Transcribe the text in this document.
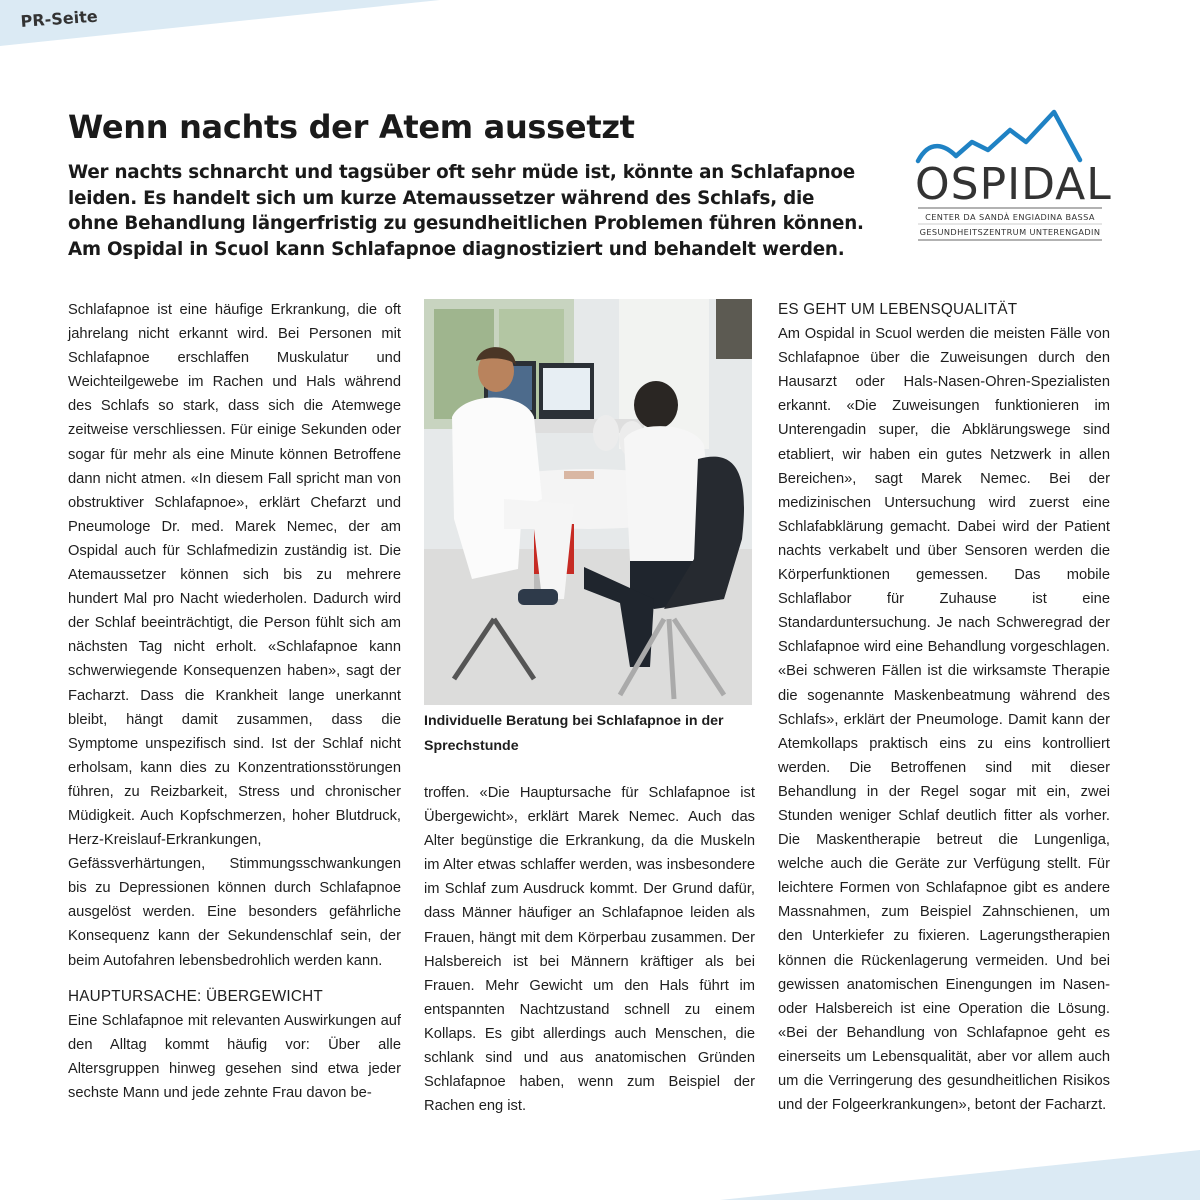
PR-Seite
Wenn nachts der Atem aussetzt

Wer nachts schnarcht und tagsüber oft sehr müde ist, könnte an Schlafapnoe leiden. Es handelt sich um kurze Atemaussetzer während des Schlafs, die ohne Behandlung längerfristig zu gesundheitlichen Problemen führen können. Am Ospidal in Scuol kann Schlafapnoe diagnostiziert und behandelt werden.

OSPIDAL
CENTER DA SANDÀ ENGIADINA BASSA
GESUNDHEITSZENTRUM UNTERENGADIN

Schlafapnoe ist eine häufige Erkrankung, die oft jahrelang nicht erkannt wird. Bei Personen mit Schlafapnoe erschlaffen Muskulatur und Weichteilgewebe im Rachen und Hals während des Schlafs so stark, dass sich die Atemwege zeitweise verschliessen. Für einige Sekunden oder sogar für mehr als eine Minute können Betroffene dann nicht atmen. «In diesem Fall spricht man von obstruktiver Schlafapnoe», erklärt Chefarzt und Pneumologe Dr. med. Marek Nemec, der am Ospidal auch für Schlafmedizin zuständig ist. Die Atemaussetzer können sich bis zu mehrere hundert Mal pro Nacht wiederholen. Dadurch wird der Schlaf beeinträchtigt, die Person fühlt sich am nächsten Tag nicht erholt. «Schlafapnoe kann schwerwiegende Konsequenzen haben», sagt der Facharzt. Dass die Krankheit lange unerkannt bleibt, hängt damit zusammen, dass die Symptome unspezifisch sind. Ist der Schlaf nicht erholsam, kann dies zu Konzentrationsstörungen führen, zu Reizbarkeit, Stress und chronischer Müdigkeit. Auch Kopfschmerzen, hoher Blutdruck, Herz-Kreislauf-Erkrankungen, Gefässverhärtungen, Stimmungsschwankungen bis zu Depressionen können durch Schlafapnoe ausgelöst werden. Eine besonders gefährliche Konsequenz kann der Sekundenschlaf sein, der beim Autofahren lebensbedrohlich werden kann.

HAUPTURSACHE: ÜBERGEWICHT

Eine Schlafapnoe mit relevanten Auswirkungen auf den Alltag kommt häufig vor: Über alle Altersgruppen hinweg gesehen sind etwa jeder sechste Mann und jede zehnte Frau davon be-

Individuelle Beratung bei Schlafapnoe in der Sprechstunde

troffen. «Die Hauptursache für Schlafapnoe ist Übergewicht», erklärt Marek Nemec. Auch das Alter begünstige die Erkrankung, da die Muskeln im Alter etwas schlaffer werden, was insbesondere im Schlaf zum Ausdruck kommt. Der Grund dafür, dass Männer häufiger an Schlafapnoe leiden als Frauen, hängt mit dem Körperbau zusammen. Der Halsbereich ist bei Männern kräftiger als bei Frauen. Mehr Gewicht um den Hals führt im entspannten Nachtzustand schnell zu einem Kollaps. Es gibt allerdings auch Menschen, die schlank sind und aus anatomischen Gründen Schlafapnoe haben, wenn zum Beispiel der Rachen eng ist.

ES GEHT UM LEBENSQUALITÄT

Am Ospidal in Scuol werden die meisten Fälle von Schlafapnoe über die Zuweisungen durch den Hausarzt oder Hals-Nasen-Ohren-Spezialisten erkannt. «Die Zuweisungen funktionieren im Unterengadin super, die Abklärungswege sind etabliert, wir haben ein gutes Netzwerk in allen Bereichen», sagt Marek Nemec. Bei der medizinischen Untersuchung wird zuerst eine Schlafabklärung gemacht. Dabei wird der Patient nachts verkabelt und über Sensoren werden die Körperfunktionen gemessen. Das mobile Schlaflabor für Zuhause ist eine Standarduntersuchung. Je nach Schweregrad der Schlafapnoe wird eine Behandlung vorgeschlagen. «Bei schweren Fällen ist die wirksamste Therapie die sogenannte Maskenbeatmung während des Schlafs», erklärt der Pneumologe. Damit kann der Atemkollaps praktisch eins zu eins kontrolliert werden. Die Betroffenen sind mit dieser Behandlung in der Regel sogar mit ein, zwei Stunden weniger Schlaf deutlich fitter als vorher. Die Maskentherapie betreut die Lungenliga, welche auch die Geräte zur Verfügung stellt. Für leichtere Formen von Schlafapnoe gibt es andere Massnahmen, zum Beispiel Zahnschienen, um den Unterkiefer zu fixieren. Lagerungstherapien können die Rückenlagerung vermeiden. Und bei gewissen anatomischen Einengungen im Nasen- oder Halsbereich ist eine Operation die Lösung. «Bei der Behandlung von Schlafapnoe geht es einerseits um Lebensqualität, aber vor allem auch um die Verringerung des gesundheitlichen Risikos und der Folgeerkrankungen», betont der Facharzt.
